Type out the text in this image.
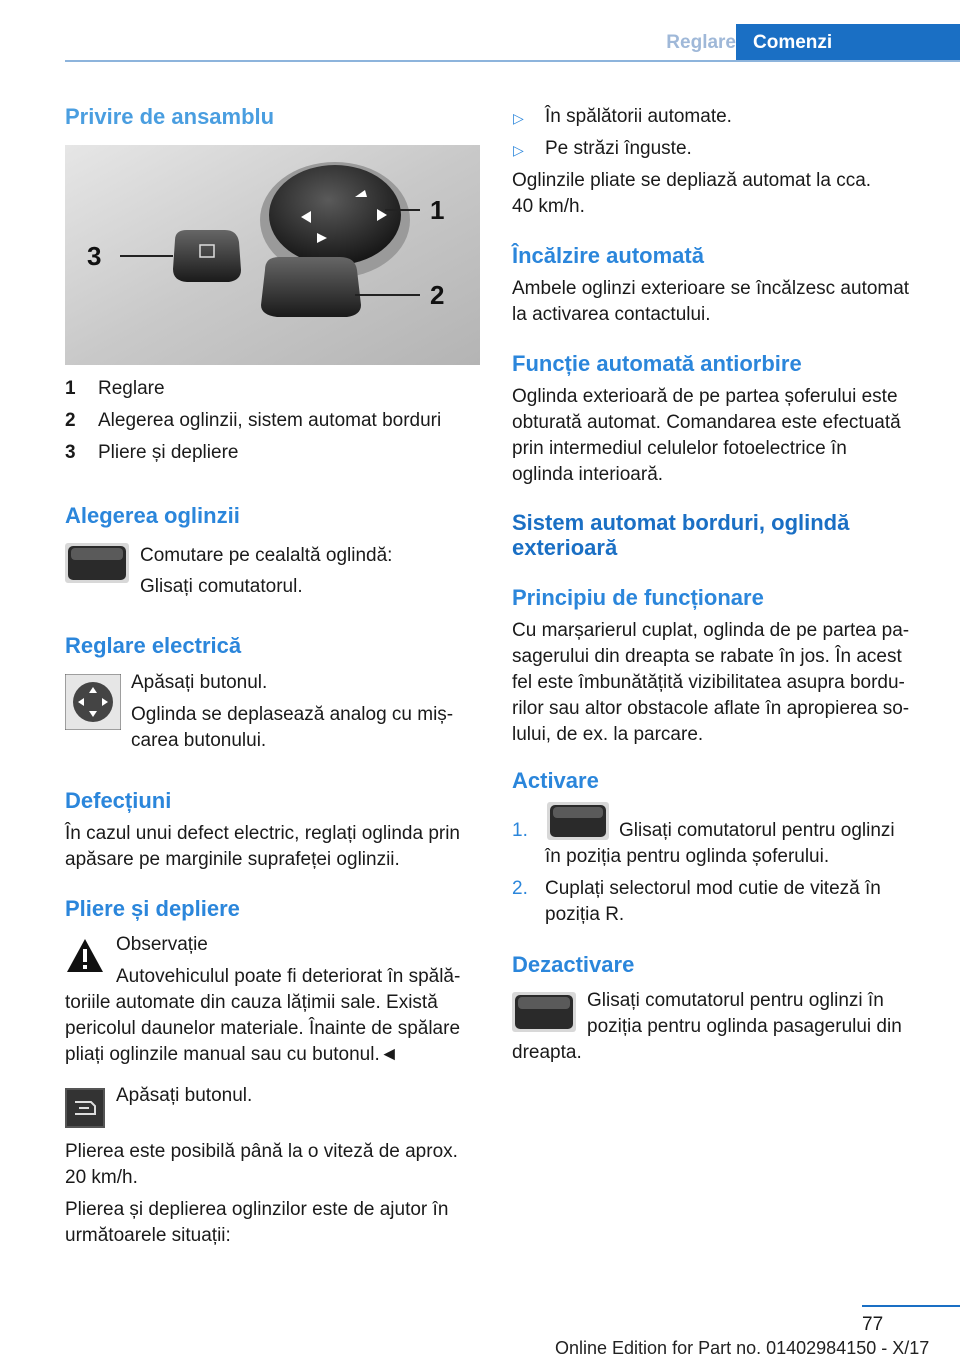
Reglare Comenzi
Privire de ansamblu
3
1
2
1 Reglare
2 Alegerea oglinzii, sistem automat borduri
3 Pliere și depliere
Alegerea oglinzii
Comutare pe cealaltă oglindă:
Glisați comutatorul.
Reglare electrică
Apăsați butonul.
Oglinda se deplasează analog cu miș‐
carea butonului.
Defecțiuni
În cazul unui defect electric, reglați oglinda prin
apăsare pe marginile suprafeței oglinzii.
Pliere și depliere
Observație
Autovehiculul poate fi deteriorat în spălă‐
toriile automate din cauza lățimii sale. Există
pericolul daunelor materiale. Înainte de spălare
pliați oglinzile manual sau cu butonul.◄
Apăsați butonul.
Plierea este posibilă până la o viteză de aprox.
20 km/h.
Plierea și deplierea oglinzilor este de ajutor în
următoarele situații:
▷ În spălătorii automate.
▷ Pe străzi înguste.
Oglinzile pliate se depliază automat la cca.
40 km/h.
Încălzire automată
Ambele oglinzi exterioare se încălzesc automat
la activarea contactului.
Funcție automată antiorbire
Oglinda exterioară de pe partea șoferului este
obturată automat. Comandarea este efectuată
prin intermediul celulelor fotoelectrice în
oglinda interioară.
Sistem automat borduri, oglindă
exterioară
Principiu de funcționare
Cu marșarierul cuplat, oglinda de pe partea pa‐
sagerului din dreapta se rabate în jos. În acest
fel este îmbunătățită vizibilitatea asupra bordu‐
rilor sau altor obstacole aflate în apropierea so‐
lului, de ex. la parcare.
Activare
1.	Glisați comutatorul pentru oglinzi
în poziția pentru oglinda șoferului.
2. Cuplați selectorul mod cutie de viteză în
poziția R.
Dezactivare
Glisați comutatorul pentru oglinzi în
poziția pentru oglinda pasagerului din
dreapta.
77
Online Edition for Part no. 01402984150 - X/17
